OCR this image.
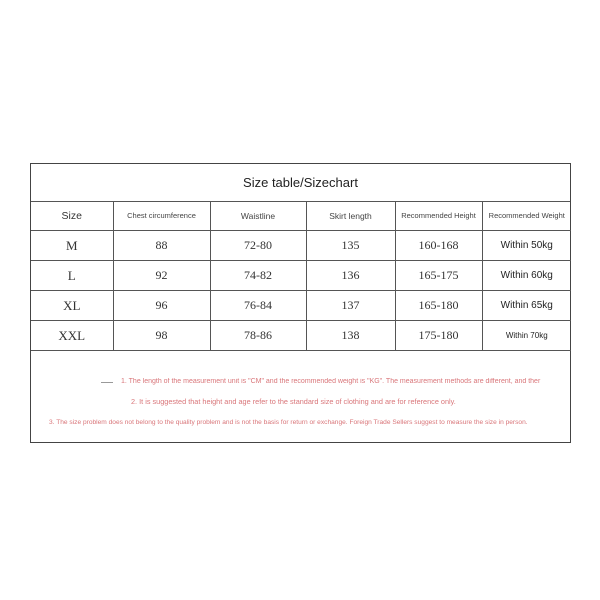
Size table/Sizechart
Size	Chest circumference	Waistline	Skirt length	Recommended Height	Recommended Weight
M	88	72-80	135	160-168	Within 50kg
L	92	74-82	136	165-175	Within 60kg
XL	96	76-84	137	165-180	Within 65kg
XXL	98	78-86	138	175-180	Within 70kg
1. The length of the measurement unit is "CM" and the recommended weight is "KG". The measurement methods are different, and ther
2. It is suggested that height and age refer to the standard size of clothing and are for reference only.
3. The size problem does not belong to the quality problem and is not the basis for return or exchange. Foreign Trade Sellers suggest to measure the size in person.
